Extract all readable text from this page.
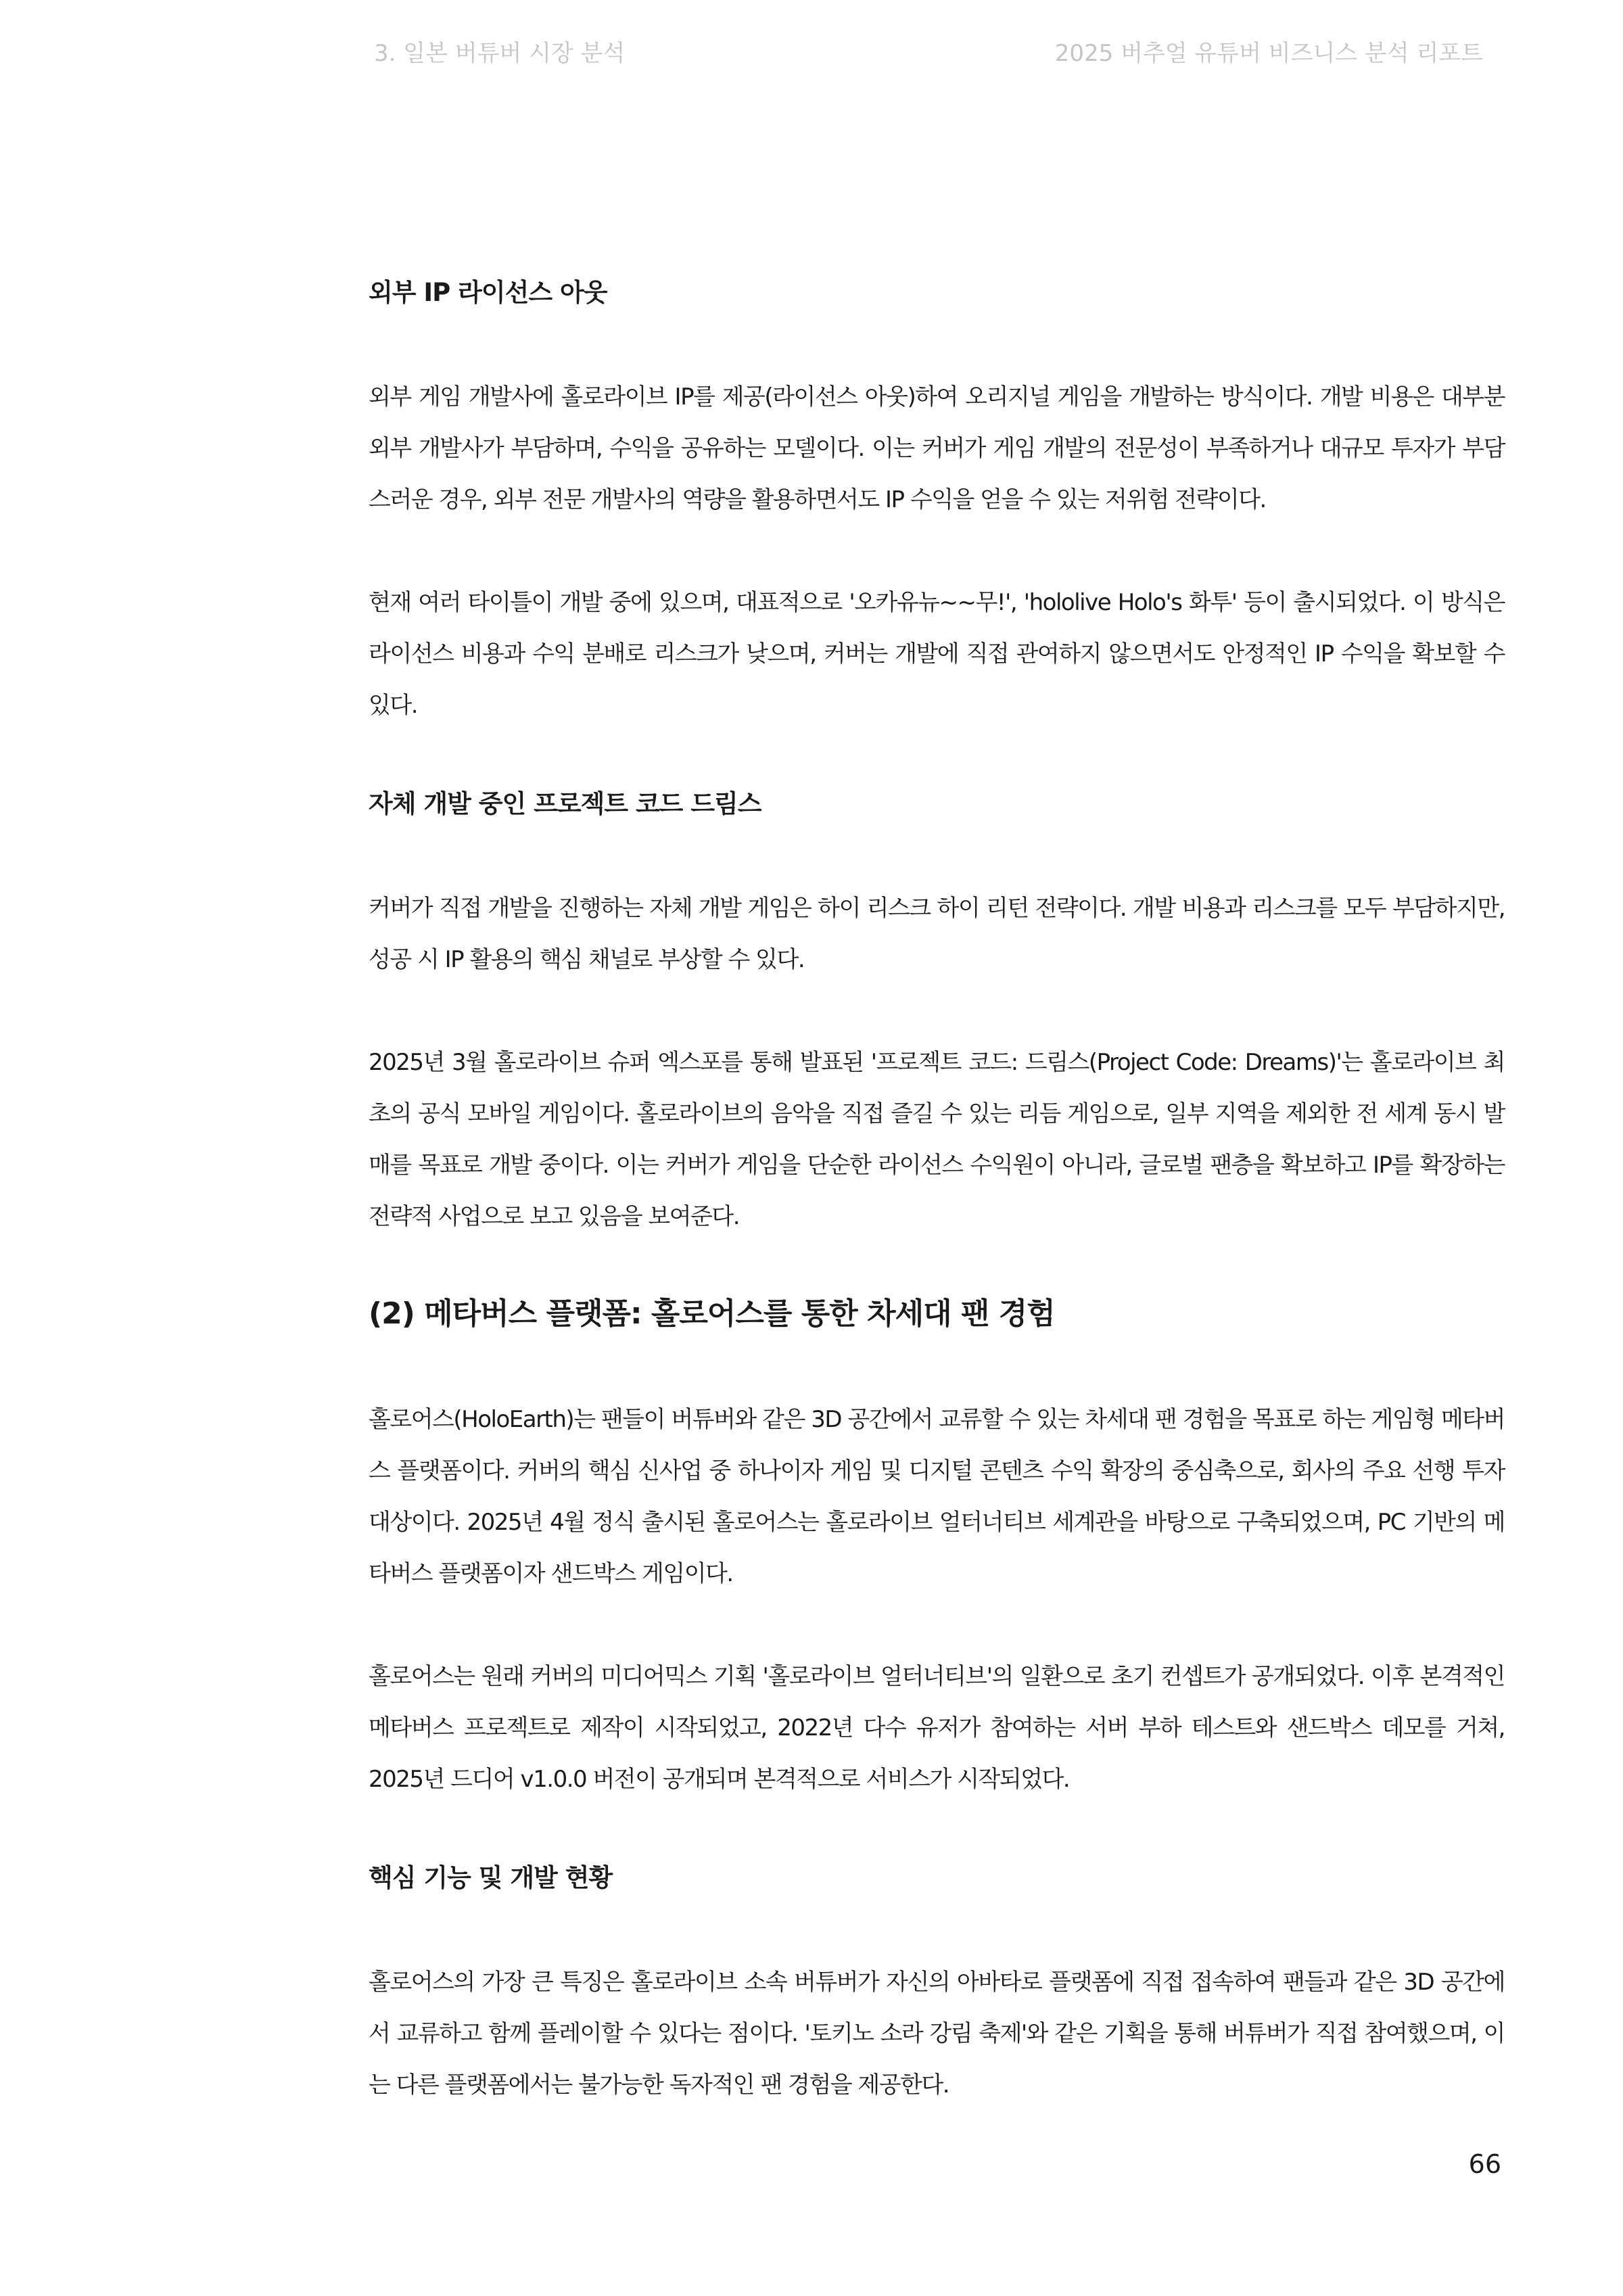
3. 일본 버튜버 시장 분석	2025 버추얼 유튜버 비즈니스 분석 리포트
외부 IP 라이선스 아웃

외부 게임 개발사에 홀로라이브 IP를 제공(라이선스 아웃)하여 오리지널 게임을 개발하는 방식이다. 개발 비용은 대부분 외부 개발사가 부담하며, 수익을 공유하는 모델이다. 이는 커버가 게임 개발의 전문성이 부족하거나 대규모 투자가 부담스러운 경우, 외부 전문 개발사의 역량을 활용하면서도 IP 수익을 얻을 수 있는 저위험 전략이다.

현재 여러 타이틀이 개발 중에 있으며, 대표적으로 '오카유뉴~~무!', 'hololive Holo's 화투' 등이 출시되었다. 이 방식은 라이선스 비용과 수익 분배로 리스크가 낮으며, 커버는 개발에 직접 관여하지 않으면서도 안정적인 IP 수익을 확보할 수 있다.

자체 개발 중인 프로젝트 코드 드림스

커버가 직접 개발을 진행하는 자체 개발 게임은 하이 리스크 하이 리턴 전략이다. 개발 비용과 리스크를 모두 부담하지만, 성공 시 IP 활용의 핵심 채널로 부상할 수 있다.

2025년 3월 홀로라이브 슈퍼 엑스포를 통해 발표된 '프로젝트 코드: 드림스(Project Code: Dreams)'는 홀로라이브 최초의 공식 모바일 게임이다. 홀로라이브의 음악을 직접 즐길 수 있는 리듬 게임으로, 일부 지역을 제외한 전 세계 동시 발매를 목표로 개발 중이다. 이는 커버가 게임을 단순한 라이선스 수익원이 아니라, 글로벌 팬층을 확보하고 IP를 확장하는 전략적 사업으로 보고 있음을 보여준다.

(2) 메타버스 플랫폼: 홀로어스를 통한 차세대 팬 경험

홀로어스(HoloEarth)는 팬들이 버튜버와 같은 3D 공간에서 교류할 수 있는 차세대 팬 경험을 목표로 하는 게임형 메타버스 플랫폼이다. 커버의 핵심 신사업 중 하나이자 게임 및 디지털 콘텐츠 수익 확장의 중심축으로, 회사의 주요 선행 투자 대상이다. 2025년 4월 정식 출시된 홀로어스는 홀로라이브 얼터너티브 세계관을 바탕으로 구축되었으며, PC 기반의 메타버스 플랫폼이자 샌드박스 게임이다.

홀로어스는 원래 커버의 미디어믹스 기획 '홀로라이브 얼터너티브'의 일환으로 초기 컨셉트가 공개되었다. 이후 본격적인 메타버스 프로젝트로 제작이 시작되었고, 2022년 다수 유저가 참여하는 서버 부하 테스트와 샌드박스 데모를 거쳐, 2025년 드디어 v1.0.0 버전이 공개되며 본격적으로 서비스가 시작되었다.

핵심 기능 및 개발 현황

홀로어스의 가장 큰 특징은 홀로라이브 소속 버튜버가 자신의 아바타로 플랫폼에 직접 접속하여 팬들과 같은 3D 공간에서 교류하고 함께 플레이할 수 있다는 점이다. '토키노 소라 강림 축제'와 같은 기획을 통해 버튜버가 직접 참여했으며, 이는 다른 플랫폼에서는 불가능한 독자적인 팬 경험을 제공한다.

66
